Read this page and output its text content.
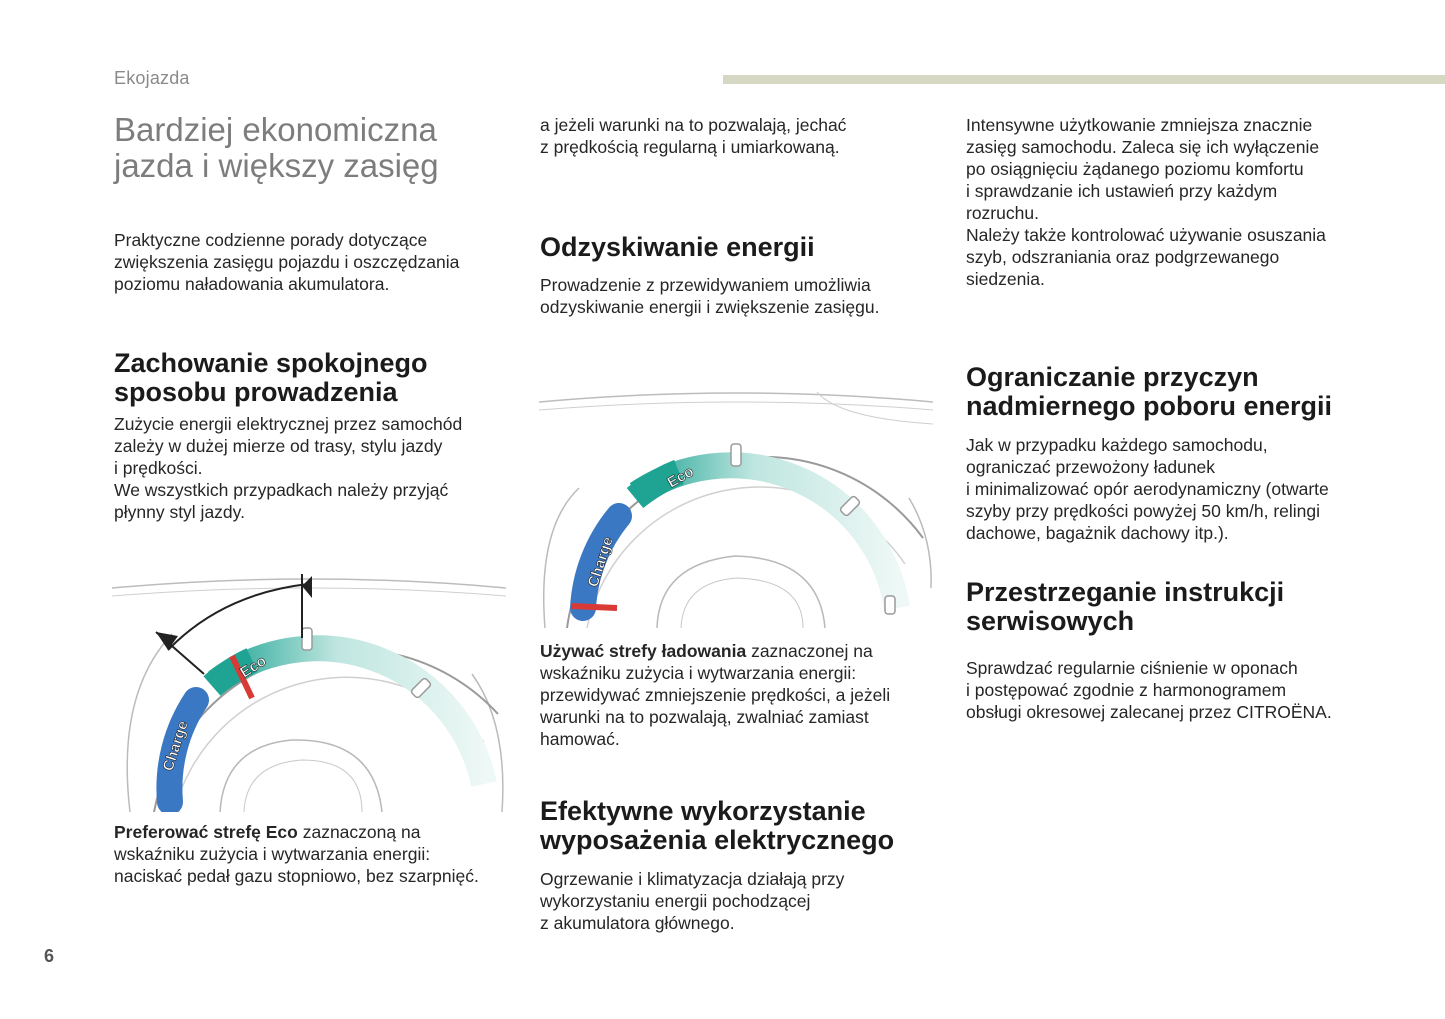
Ekojazda
Bardziej ekonomiczna
jazda i większy zasięg
Praktyczne codzienne porady dotyczące
zwiększenia zasięgu pojazdu i oszczędzania
poziomu naładowania akumulatora.
Zachowanie spokojnego
sposobu prowadzenia
Zużycie energii elektrycznej przez samochód
zależy w dużej mierze od trasy, stylu jazdy
i prędkości.
We wszystkich przypadkach należy przyjąć
płynny styl jazdy.
Eco
Charge
Preferować strefę Eco zaznaczoną na
wskaźniku zużycia i wytwarzania energii:
naciskać pedał gazu stopniowo, bez szarpnięć.
a jeżeli warunki na to pozwalają, jechać
z prędkością regularną i umiarkowaną.
Odzyskiwanie energii
Prowadzenie z przewidywaniem umożliwia
odzyskiwanie energii i zwiększenie zasięgu.
Eco
Charge
Używać strefy ładowania zaznaczonej na
wskaźniku zużycia i wytwarzania energii:
przewidywać zmniejszenie prędkości, a jeżeli
warunki na to pozwalają, zwalniać zamiast
hamować.
Efektywne wykorzystanie
wyposażenia elektrycznego
Ogrzewanie i klimatyzacja działają przy
wykorzystaniu energii pochodzącej
z akumulatora głównego.
Intensywne użytkowanie zmniejsza znacznie
zasięg samochodu. Zaleca się ich wyłączenie
po osiągnięciu żądanego poziomu komfortu
i sprawdzanie ich ustawień przy każdym
rozruchu.
Należy także kontrolować używanie osuszania
szyb, odszraniania oraz podgrzewanego
siedzenia.
Ograniczanie przyczyn
nadmiernego poboru energii
Jak w przypadku każdego samochodu,
ograniczać przewożony ładunek
i minimalizować opór aerodynamiczny (otwarte
szyby przy prędkości powyżej 50 km/h, relingi
dachowe, bagażnik dachowy itp.).
Przestrzeganie instrukcji
serwisowych
Sprawdzać regularnie ciśnienie w oponach
i postępować zgodnie z harmonogramem
obsługi okresowej zalecanej przez CITROËNA.
6
